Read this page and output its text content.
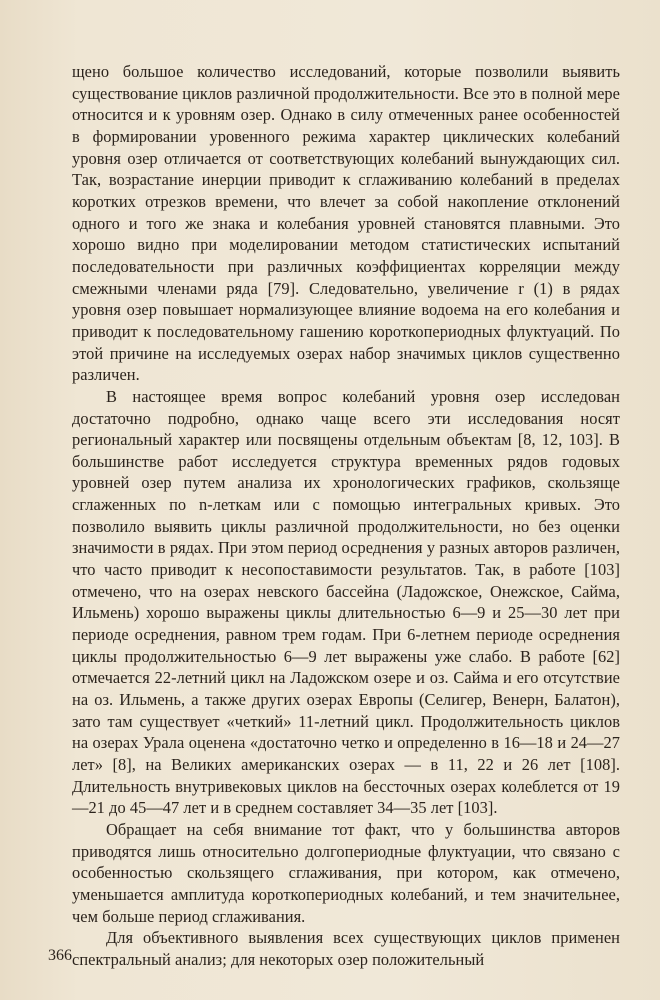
щено большое количество исследований, которые позволили выявить существование циклов различной продолжительности. Все это в полной мере относится и к уровням озер. Однако в силу отмеченных ранее особенностей в формировании уровенного режима характер циклических колебаний уровня озер отличается от соответствующих колебаний вынуждающих сил. Так, возрастание инерции приводит к сглаживанию колебаний в пределах коротких отрезков времени, что влечет за собой накопление отклонений одного и того же знака и колебания уровней становятся плавными. Это хорошо видно при моделировании методом статистических испытаний последовательности при различных коэффициентах корреляции между смежными членами ряда [79]. Следовательно, увеличение r (1) в рядах уровня озер повышает нормализующее влияние водоема на его колебания и приводит к последовательному гашению короткопериодных флуктуаций. По этой причине на исследуемых озерах набор значимых циклов существенно различен.

В настоящее время вопрос колебаний уровня озер исследован достаточно подробно, однако чаще всего эти исследования носят региональный характер или посвящены отдельным объектам [8, 12, 103]. В большинстве работ исследуется структура временных рядов годовых уровней озер путем анализа их хронологических графиков, скользяще сглаженных по n-леткам или с помощью интегральных кривых. Это позволило выявить циклы различной продолжительности, но без оценки значимости в рядах. При этом период осреднения у разных авторов различен, что часто приводит к несопоставимости результатов. Так, в работе [103] отмечено, что на озерах невского бассейна (Ладожское, Онежское, Сайма, Ильмень) хорошо выражены циклы длительностью 6—9 и 25—30 лет при периоде осреднения, равном трем годам. При 6-летнем периоде осреднения циклы продолжительностью 6—9 лет выражены уже слабо. В работе [62] отмечается 22-летний цикл на Ладожском озере и оз. Сайма и его отсутствие на оз. Ильмень, а также других озерах Европы (Селигер, Венерн, Балатон), зато там существует «четкий» 11-летний цикл. Продолжительность циклов на озерах Урала оценена «достаточно четко и определенно в 16—18 и 24—27 лет» [8], на Великих американских озерах — в 11, 22 и 26 лет [108]. Длительность внутривековых циклов на бессточных озерах колеблется от 19—21 до 45—47 лет и в среднем составляет 34—35 лет [103].

Обращает на себя внимание тот факт, что у большинства авторов приводятся лишь относительно долгопериодные флуктуации, что связано с особенностью скользящего сглаживания, при котором, как отмечено, уменьшается амплитуда короткопериодных колебаний, и тем значительнее, чем больше период сглаживания.

Для объективного выявления всех существующих циклов применен спектральный анализ; для некоторых озер положительный

366
